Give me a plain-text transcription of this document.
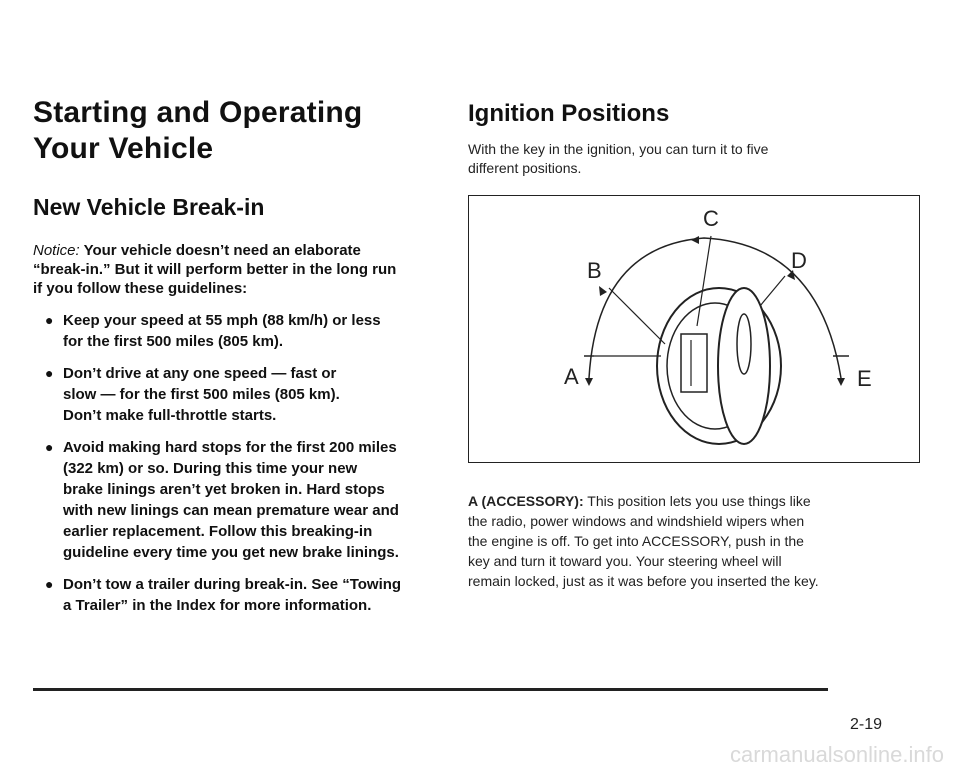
Starting and Operating
Your Vehicle
New Vehicle Break-in

Notice: Your vehicle doesn’t need an elaborate
“break-in.” But it will perform better in the long run
if you follow these guidelines:

● Keep your speed at 55 mph (88 km/h) or less
for the first 500 miles (805 km).
● Don’t drive at any one speed — fast or
slow — for the first 500 miles (805 km).
Don’t make full-throttle starts.
● Avoid making hard stops for the first 200 miles
(322 km) or so. During this time your new
brake linings aren’t yet broken in. Hard stops
with new linings can mean premature wear and
earlier replacement. Follow this breaking-in
guideline every time you get new brake linings.
● Don’t tow a trailer during break-in. See “Towing
a Trailer” in the Index for more information.
Ignition Positions

With the key in the ignition, you can turn it to five
different positions.

A
B
C
D
E

A (ACCESSORY): This position lets you use things like
the radio, power windows and windshield wipers when
the engine is off. To get into ACCESSORY, push in the
key and turn it toward you. Your steering wheel will
remain locked, just as it was before you inserted the key.

2-19
carmanualsonline.info
